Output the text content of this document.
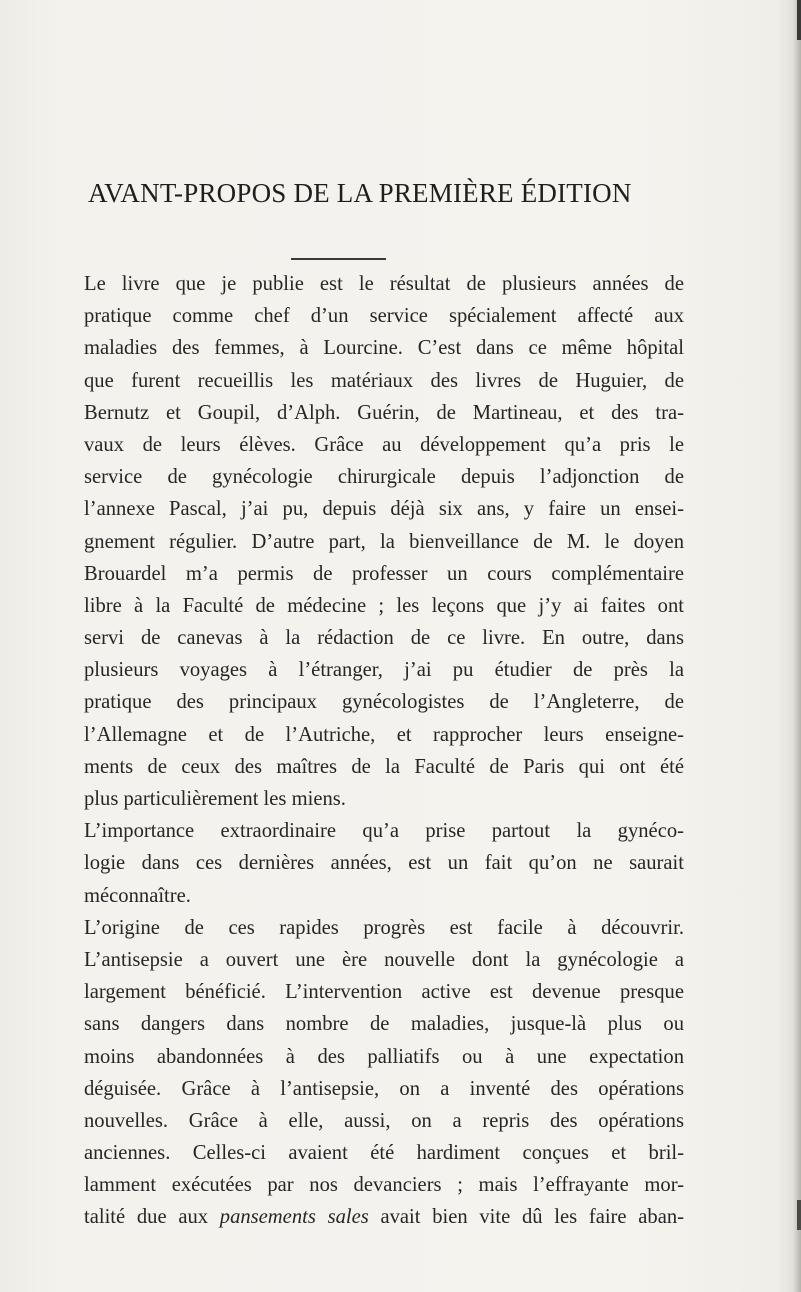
AVANT-PROPOS DE LA PREMIÈRE ÉDITION
Le livre que je publie est le résultat de plusieurs années de
pratique comme chef d’un service spécialement affecté aux
maladies des femmes, à Lourcine. C’est dans ce même hôpital
que furent recueillis les matériaux des livres de Huguier, de
Bernutz et Goupil, d’Alph. Guérin, de Martineau, et des tra-
vaux de leurs élèves. Grâce au développement qu’a pris le
service de gynécologie chirurgicale depuis l’adjonction de
l’annexe Pascal, j’ai pu, depuis déjà six ans, y faire un ensei-
gnement régulier. D’autre part, la bienveillance de M. le doyen
Brouardel m’a permis de professer un cours complémentaire
libre à la Faculté de médecine ; les leçons que j’y ai faites ont
servi de canevas à la rédaction de ce livre. En outre, dans
plusieurs voyages à l’étranger, j’ai pu étudier de près la
pratique des principaux gynécologistes de l’Angleterre, de
l’Allemagne et de l’Autriche, et rapprocher leurs enseigne-
ments de ceux des maîtres de la Faculté de Paris qui ont été
plus particulièrement les miens.
L’importance extraordinaire qu’a prise partout la gynéco-
logie dans ces dernières années, est un fait qu’on ne saurait
méconnaître.
L’origine de ces rapides progrès est facile à découvrir.
L’antisepsie a ouvert une ère nouvelle dont la gynécologie a
largement bénéficié. L’intervention active est devenue presque
sans dangers dans nombre de maladies, jusque-là plus ou
moins abandonnées à des palliatifs ou à une expectation
déguisée. Grâce à l’antisepsie, on a inventé des opérations
nouvelles. Grâce à elle, aussi, on a repris des opérations
anciennes. Celles-ci avaient été hardiment conçues et bril-
lamment exécutées par nos devanciers ; mais l’effrayante mor-
talité due aux pansements sales avait bien vite dû les faire aban-
